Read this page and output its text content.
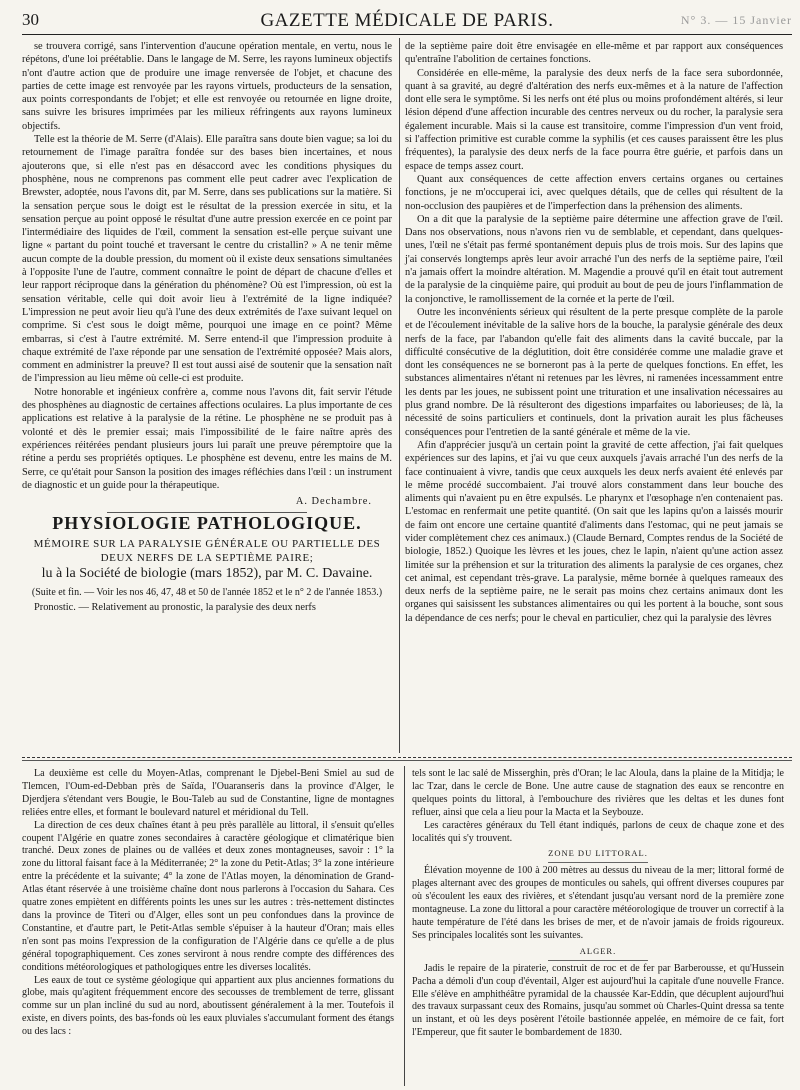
30	GAZETTE MÉDICALE DE PARIS.	N° 3. — 15 Janvier

se trouvera corrigé, sans l'intervention d'aucune opération mentale, en vertu, nous le répétons, d'une loi préétablie. Dans le langage de M. Serre, les rayons lumineux objectifs n'ont d'autre action que de produire une image renversée de l'objet, et chacune des parties de cette image est renvoyée par les rayons virtuels, producteurs de la sensation, aux points correspondants de l'objet; et elle est renvoyée ou retournée en ligne droite, sans suivre les brisures imprimées par les milieux réfringents aux rayons lumineux objectifs.

Telle est la théorie de M. Serre (d'Alais). Elle paraîtra sans doute bien vague; sa loi du retournement de l'image paraîtra fondée sur des bases bien incertaines, et nous ajouterons que, si elle n'est pas en désaccord avec les conditions physiques du phosphène, nous ne comprenons pas comment elle peut cadrer avec l'explication de Brewster, adoptée, nous l'avons dit, par M. Serre, dans ses publications sur la matière. Si la sensation perçue sous le doigt est le résultat de la pression exercée in situ, et la sensation perçue au point opposé le résultat d'une autre pression exercée en ce point par l'intermédiaire des liquides de l'œil, comment la sensation est-elle perçue suivant une ligne « partant du point touché et traversant le centre du cristallin? » A ne tenir même aucun compte de la double pression, du moment où il existe deux sensations simultanées à l'opposite l'une de l'autre, comment connaître le point de départ de chacune d'elles et leur rapport réciproque dans la génération du phénomène? Où est l'impression, où est la sensation véritable, celle qui doit avoir lieu à l'extrémité de la ligne indiquée? L'impression ne peut avoir lieu qu'à l'une des deux extrémités de l'axe suivant lequel on comprime. Si c'est sous le doigt même, pourquoi une image en ce point? Même embarras, si c'est à l'autre extrémité. M. Serre entend-il que l'impression produite à chaque extrémité de l'axe réponde par une sensation de l'extrémité opposée? Mais alors, comment en administrer la preuve? Il est tout aussi aisé de soutenir que la sensation naît de l'impression au lieu même où celle-ci est produite.

Notre honorable et ingénieux confrère a, comme nous l'avons dit, fait servir l'étude des phosphènes au diagnostic de certaines affections oculaires. La plus importante de ces applications est relative à la paralysie de la rétine. Le phosphène ne se produit pas à volonté et dès le premier essai; mais l'impossibilité de le faire naître après des expériences réitérées pendant plusieurs jours lui paraît une preuve péremptoire que la rétine a perdu ses propriétés optiques. Le phosphène est devenu, entre les mains de M. Serre, ce qu'était pour Sanson la position des images réfléchies dans l'œil : un instrument de diagnostic et un guide pour la thérapeutique.

A. Dechambre.
PHYSIOLOGIE PATHOLOGIQUE.
MÉMOIRE SUR LA PARALYSIE GÉNÉRALE OU PARTIELLE DES DEUX NERFS DE LA SEPTIÈME PAIRE;
lu à la Société de biologie (mars 1852), par M. C. Davaine.
(Suite et fin. — Voir les nos 46, 47, 48 et 50 de l'année 1852 et le n° 2 de l'année 1853.)

Pronostic. — Relativement au pronostic, la paralysie des deux nerfs

de la septième paire doit être envisagée en elle-même et par rapport aux conséquences qu'entraîne l'abolition de certaines fonctions.

Considérée en elle-même, la paralysie des deux nerfs de la face sera subordonnée, quant à sa gravité, au degré d'altération des nerfs eux-mêmes et à la nature de l'affection dont elle sera le symptôme. Si les nerfs ont été plus ou moins profondément altérés, si leur lésion dépend d'une affection incurable des centres nerveux ou du rocher, la paralysie sera également incurable. Mais si la cause est transitoire, comme l'impression d'un vent froid, si l'affection primitive est curable comme la syphilis (et ces causes paraissent être les plus fréquentes), la paralysie des deux nerfs de la face pourra être guérie, et parfois dans un espace de temps assez court.

Quant aux conséquences de cette affection envers certains organes ou certaines fonctions, je ne m'occuperai ici, avec quelques détails, que de celles qui résultent de la non-occlusion des paupières et de l'imperfection dans la préhension des aliments.

On a dit que la paralysie de la septième paire détermine une affection grave de l'œil. Dans nos observations, nous n'avons rien vu de semblable, et cependant, dans quelques-unes, l'œil ne s'était pas fermé spontanément depuis plus de trois mois. Sur des lapins que j'ai conservés longtemps après leur avoir arraché l'un des nerfs de la septième paire, l'œil n'a jamais offert la moindre altération. M. Magendie a prouvé qu'il en était tout autrement de la paralysie de la cinquième paire, qui produit au bout de peu de jours l'inflammation de la conjonctive, le ramollissement de la cornée et la perte de l'œil.

Outre les inconvénients sérieux qui résultent de la perte presque complète de la parole et de l'écoulement inévitable de la salive hors de la bouche, la paralysie générale des deux nerfs de la face, par l'abandon qu'elle fait des aliments dans la cavité buccale, par la difficulté consécutive de la déglutition, doit être considérée comme une maladie grave et dont les conséquences ne se borneront pas à la perte de quelques fonctions. En effet, les substances alimentaires n'étant ni retenues par les lèvres, ni ramenées incessamment entre les dents par les joues, ne subissent point une trituration et une insalivation nécessaires au plus grand nombre. De là résulteront des digestions imparfaites ou laborieuses; de là, la nécessité de soins particuliers et continuels, dont la privation aurait les plus fâcheuses conséquences pour l'entretien de la santé générale et même de la vie.

Afin d'apprécier jusqu'à un certain point la gravité de cette affection, j'ai fait quelques expériences sur des lapins, et j'ai vu que ceux auxquels j'avais arraché l'un des nerfs de la face continuaient à vivre, tandis que ceux auxquels les deux nerfs avaient été enlevés par le même procédé succombaient. J'ai trouvé alors constamment dans leur bouche des aliments qui n'avaient pu en être expulsés. Le pharynx et l'œsophage n'en contenaient pas. L'estomac en renfermait une petite quantité. (On sait que les lapins qu'on a laissés mourir de faim ont encore une certaine quantité d'aliments dans l'estomac, qui ne peut jamais se vider complètement chez ces animaux.) (Claude Bernard, Comptes rendus de la Société de biologie, 1852.) Quoique les lèvres et les joues, chez le lapin, n'aient qu'une action assez limitée sur la préhension et sur la trituration des aliments la paralysie de ces organes, chez cet animal, est cependant très-grave. La paralysie, même bornée à quelques rameaux des deux nerfs de la septième paire, ne le serait pas moins chez certains animaux dont les organes qui saisissent les substances alimentaires ou qui les portent à la bouche, sont sous la dépendance de ces nerfs; pour le cheval en particulier, chez qui la paralysie des lèvres

La deuxième est celle du Moyen-Atlas, comprenant le Djebel-Beni Smiel au sud de Tlemcen, l'Oum-ed-Debban près de Saïda, l'Ouaranseris dans la province d'Alger, le Djerdjera s'étendant vers Bougie, le Bou-Taleb au sud de Constantine, ligne de montagnes reliées entre elles, et formant le boulevard naturel et méridional du Tell.

La direction de ces deux chaînes étant à peu près parallèle au littoral, il s'ensuit qu'elles coupent l'Algérie en quatre zones secondaires à caractère géologique et climatérique bien tranché. Deux zones de plaines ou de vallées et deux zones montagneuses, savoir : 1° la zone du littoral faisant face à la Méditerranée; 2° la zone du Petit-Atlas; 3° la zone intérieure entre la précédente et la suivante; 4° la zone de l'Atlas moyen, la dénomination de Grand-Atlas étant réservée à une troisième chaîne dont nous parlerons à l'occasion du Sahara. Ces quatre zones empiètent en différents points les unes sur les autres : très-nettement distinctes dans la province de Titeri ou d'Alger, elles sont un peu confondues dans la province de Constantine, et d'autre part, le Petit-Atlas semble s'épuiser à la hauteur d'Oran; mais elles n'en sont pas moins l'expression de la configuration de l'Algérie dans ce qu'elle a de plus général topographiquement. Ces zones serviront à nous rendre compte des différences des conditions météorologiques et pathologiques entre les diverses localités.

Les eaux de tout ce système géologique qui appartient aux plus anciennes formations du globe, mais qu'agitent fréquemment encore des secousses de tremblement de terre, glissant comme sur un plan incliné du sud au nord, aboutissent généralement à la mer. Toutefois il existe, en divers points, des bas-fonds où les eaux pluviales s'accumulant forment des étangs ou des lacs :

tels sont le lac salé de Misserghin, près d'Oran; le lac Aloula, dans la plaine de la Mitidja; le lac Tzar, dans le cercle de Bone. Une autre cause de stagnation des eaux se rencontre en quelques points du littoral, à l'embouchure des rivières que les deltas et les dunes font refluer, ainsi que cela a lieu pour la Macta et la Seybouze.

Les caractères généraux du Tell étant indiqués, parlons de ceux de chaque zone et des localités qui s'y trouvent.

ZONE DU LITTORAL.

Élévation moyenne de 100 à 200 mètres au dessus du niveau de la mer; littoral formé de plages alternant avec des groupes de monticules ou sahels, qui offrent diverses coupures par où s'écoulent les eaux des rivières, et s'étendant jusqu'au versant nord de la première zone montagneuse. La zone du littoral a pour caractère météorologique de trouver un correctif à la haute température de l'été dans les brises de mer, et de n'avoir jamais de froids rigoureux. Ses principales localités sont les suivantes.

ALGER.

Jadis le repaire de la piraterie, construit de roc et de fer par Barberousse, et qu'Hussein Pacha a démoli d'un coup d'éventail, Alger est aujourd'hui la capitale d'une nouvelle France. Elle s'élève en amphithéâtre pyramidal de la chaussée Kar-Eddin, que décuplent aujourd'hui des travaux surpassant ceux des Romains, jusqu'au sommet où Charles-Quint dressa sa tente un instant, et où les deys posèrent l'étoile bastionnée appelée, en mémoire de ce fait, fort l'Empereur, que fit sauter le bombardement de 1830.
